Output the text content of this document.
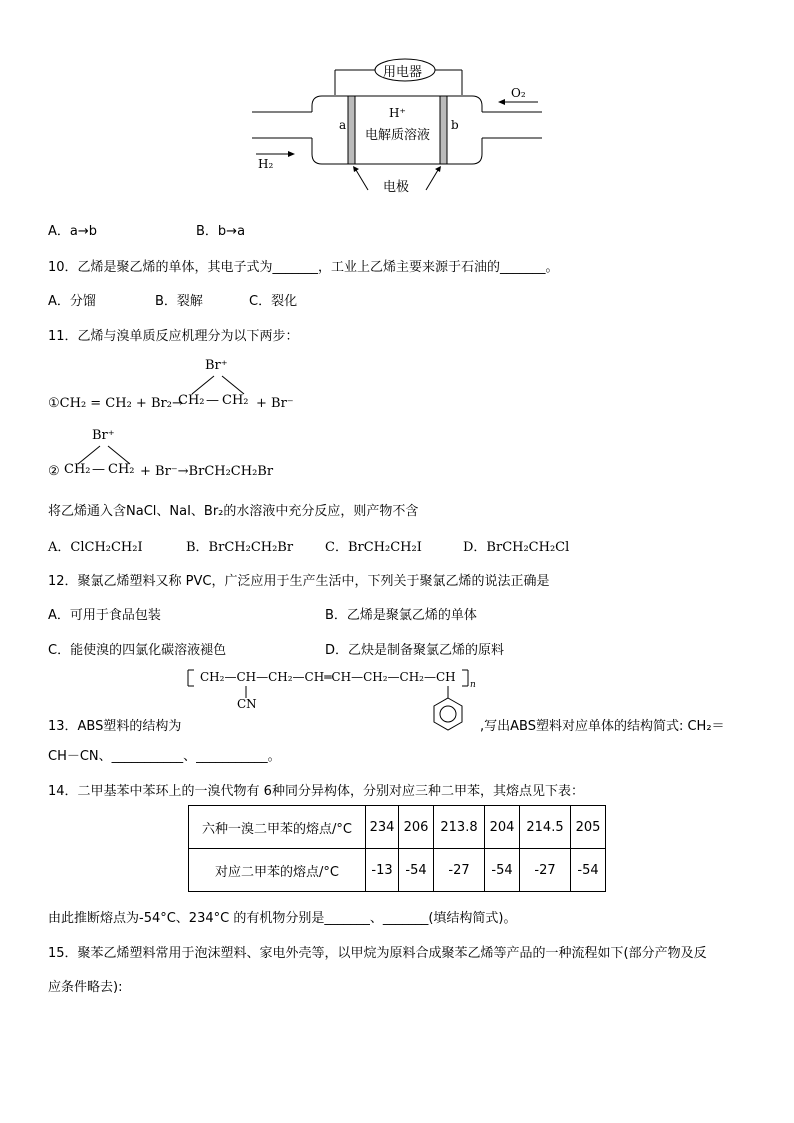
用电器
O₂
H₂
H⁺
电解质溶液
a	b
电极
A．a→b	B．b→a
10．乙烯是聚乙烯的单体，其电子式为_______，工业上乙烯主要来源于石油的_______。
A．分馏	B．裂解	C．裂化
11．乙烯与溴单质反应机理分为以下两步：
①CH₂ = CH₂ + Br₂→
Br⁺
CH₂ — CH₂ + Br⁻
Br⁺
② CH₂ — CH₂ + Br⁻→BrCH₂CH₂Br
将乙烯通入含NaCl、NaI、Br₂的水溶液中充分反应，则产物不含
A．ClCH₂CH₂I	B．BrCH₂CH₂Br C．BrCH₂CH₂I	D．BrCH₂CH₂Cl
12．聚氯乙烯塑料又称 PVC，广泛应用于生产生活中，下列关于聚氯乙烯的说法正确是
A．可用于食品包装	B．乙烯是聚氯乙烯的单体
C．能使溴的四氯化碳溶液褪色	D．乙炔是制备聚氯乙烯的原料
CH₂—CH—CH₂—CH═CH—CH₂—CH₂—CH
n
CN
13．ABS塑料的结构为	,写出ABS塑料对应单体的结构简式: CH₂＝
CH－CN、___________、___________。
14．二甲基苯中苯环上的一溴代物有 6种同分异构体，分别对应三种二甲苯，其熔点见下表：
六种一溴二甲苯的熔点/°C	234	206	213.8	204	214.5	205
对应二甲苯的熔点/°C	-13	-54	-27	-54	-27	-54
由此推断熔点为-54°C、234°C 的有机物分别是_______、_______(填结构简式)。
15．聚苯乙烯塑料常用于泡沫塑料、家电外壳等，以甲烷为原料合成聚苯乙烯等产品的一种流程如下(部分产物及反
应条件略去):
